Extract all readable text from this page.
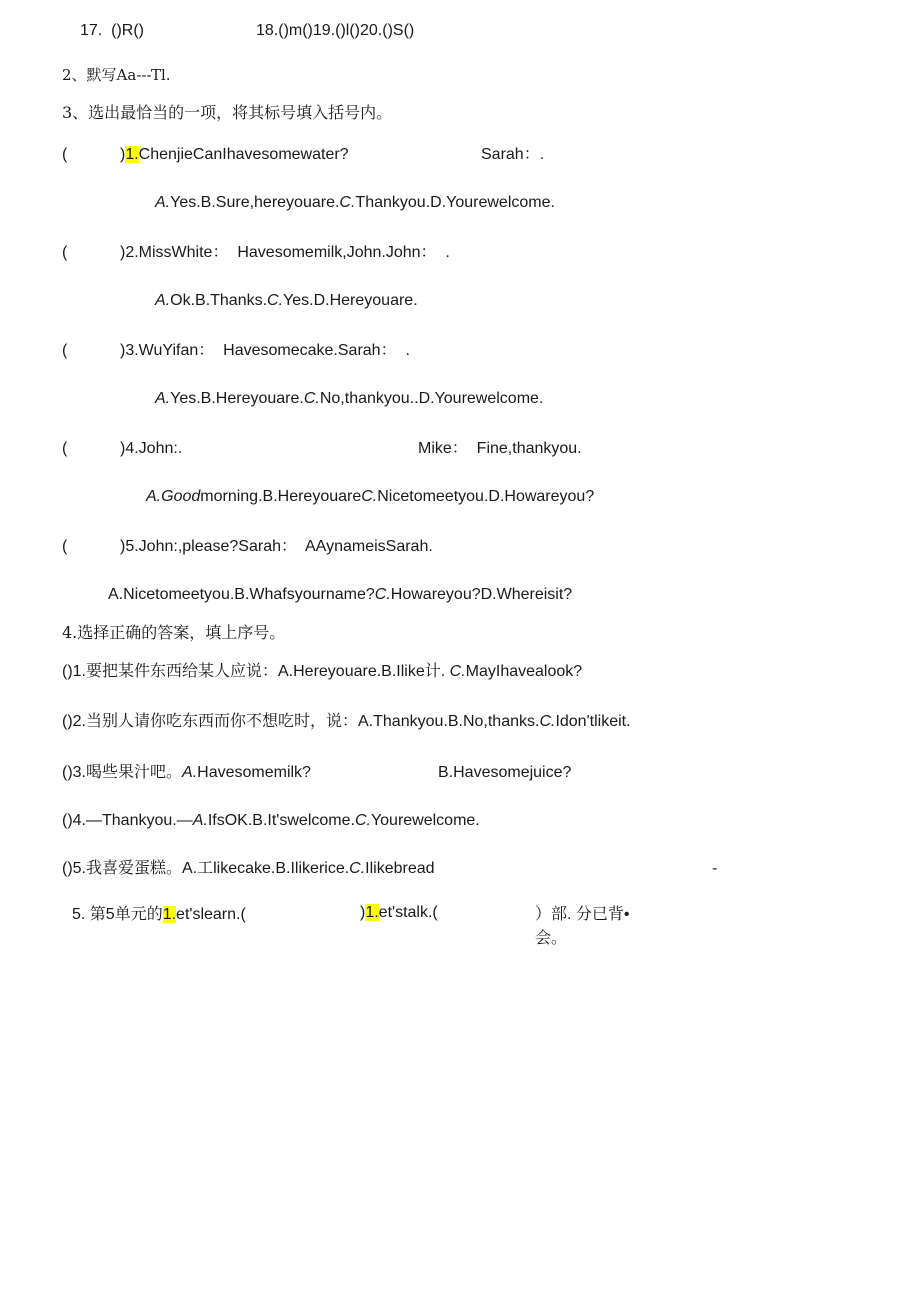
17.  ()R()	18.()m()19.()l()20.()S()
2、默写Aa---Tl.
3、选出最恰当的一项，将其标号填入括号内。
(	)1.ChenjieCanIhavesomewater?	Sarah：.
A.Yes.B.Sure,hereyouare.C.Thankyou.D.Yourewelcome.
(	)2.MissWhite：  Havesomemilk,John.John：  .
A.Ok.B.Thanks.C.Yes.D.Hereyouare.
(	)3.WuYifan：  Havesomecake.Sarah：  .
A.Yes.B.Hereyouare.C.No,thankyou..D.Yourewelcome.
(	)4.John:.	Mike：  Fine,thankyou.
A.Goodmorning.B.HereyouareC.Nicetomeetyou.D.Howareyou?
(	)5.John:,please?Sarah：  AAynameisSarah.
A.Nicetomeetyou.B.Whafsyourname?C.Howareyou?D.Whereisit?
4.选择正确的答案，填上序号。
()1.要把某件东西给某人应说：A.Hereyouare.B.Ilike计. C.MayIhavealook?
()2.当别人请你吃东西而你不想吃时，说：A.Thankyou.B.No,thanks.C.Idon'tlikeit.
()3.喝些果汁吧。A.Havesomemilk?	B.Havesomejuice?
()4.—Thankyou.—A.IfsOK.B.It'swelcome.C.Yourewelcome.
()5.我喜爱蛋糕。A.工likecake.B.Ilikerice.C.Ilikebread	-
5. 第5单元的1.et'slearn.(	)1.et'stalk.(	）部. 分已背•
会。
